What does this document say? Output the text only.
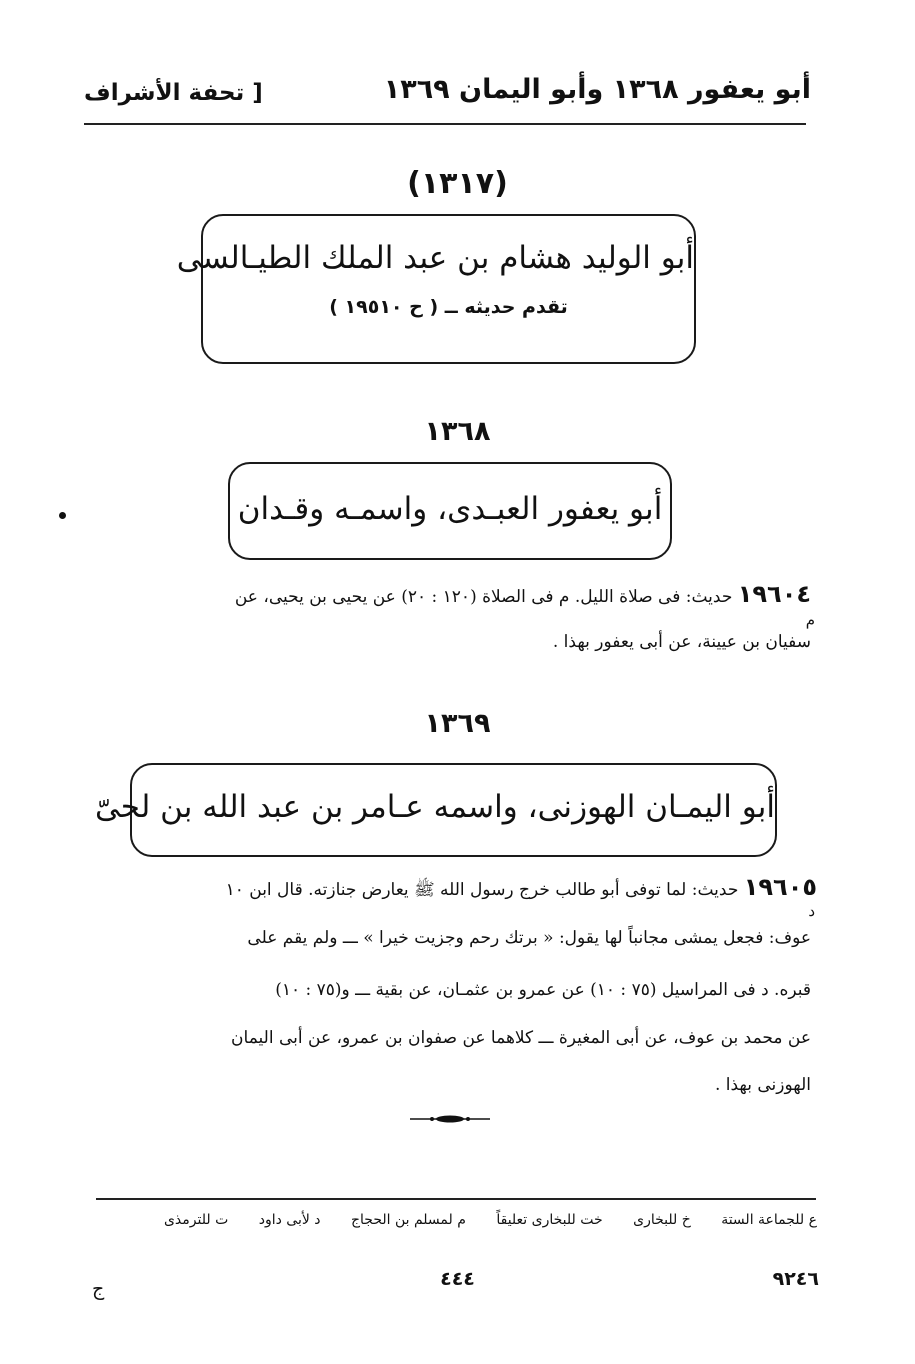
أبو يعفور ١٣٦٨ وأبو اليمان ١٣٦٩
[ تحفة الأشراف
(١٣١٧)
أبو الوليد هشام بن عبد الملك الطيـالسى
تقدم حديثه ــ ( ح ١٩٥١٠ )
١٣٦٨
أبو يعفور العبـدى، واسمـه وقـدان
١٩٦٠٤ حديث: فى صلاة الليل. م فى الصلاة (١٢٠ : ٢٠) عن يحيى بن يحيى، عن
م
سفيان بن عيينة، عن أبى يعفور بهذا .
١٣٦٩
أبو اليمـان الهوزنى، واسمه عـامر بن عبد الله بن لحىّ
١٩٦٠٥ حديث: لما توفى أبو طالب خرج رسول الله ﷺ يعارض جنازته. قال ابن ١٠
د
عوف: فجعل يمشى مجانباً لها يقول: « برتك رحم وجزيت خيرا » ـــ ولم يقم على
قبره. د فى المراسيل (٧٥ : ١٠) عن عمرو بن عثمـان، عن بقية ـــ و(٧٥ : ١٠)
عن محمد بن عوف، عن أبى المغيرة ـــ كلاهما عن صفوان بن عمرو، عن أبى اليمان
الهوزنى بهذا .
ع للجماعة الستة خ للبخارى خت للبخارى تعليقاً م لمسلم بن الحجاج د لأبى داود ت للترمذى
٤٤٤	٩٢٤٦
ج
